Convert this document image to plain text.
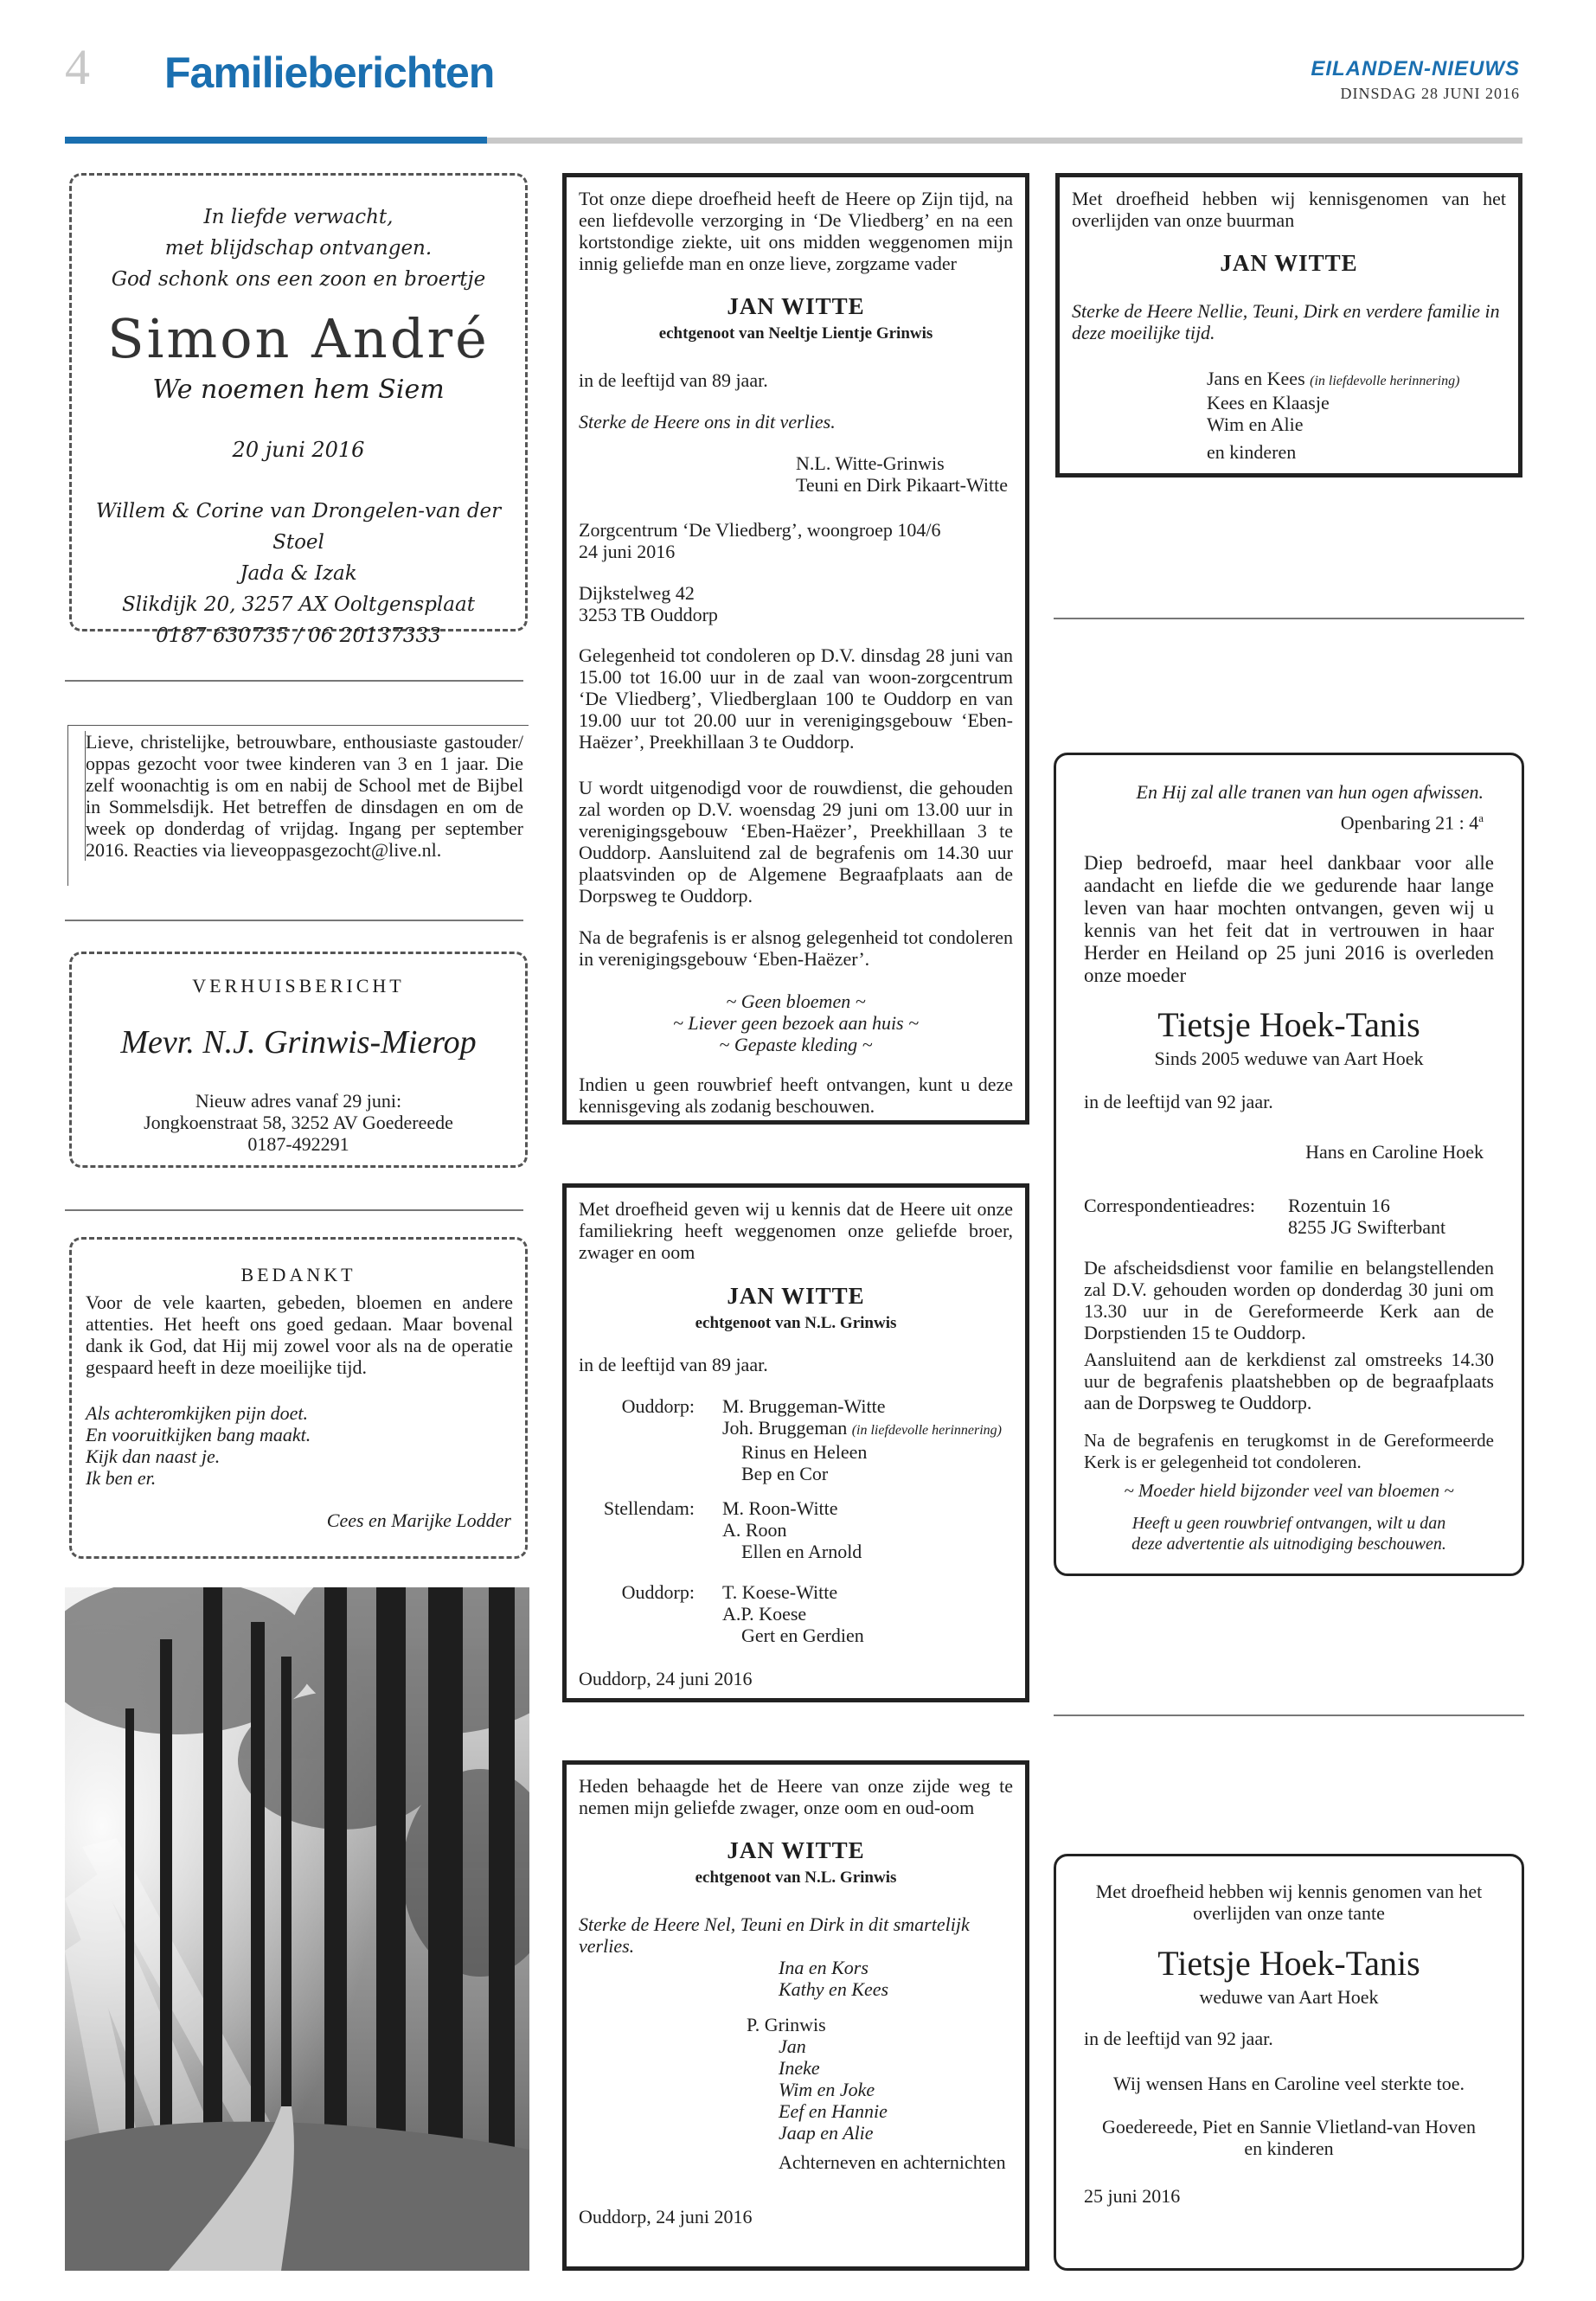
4 Familieberichten	EILANDEN-NIEUWS
DINSDAG 28 JUNI 2016
In liefde verwacht,
met blijdschap ontvangen.
God schonk ons een zoon en broertje
Simon André
We noemen hem Siem
20 juni 2016
Willem & Corine van Drongelen-van der Stoel
Jada & Izak
Slikdijk 20, 3257 AX Ooltgensplaat
0187 630735 / 06 20137333
Lieve, christelijke, betrouwbare, enthousiaste gastouder/ oppas gezocht voor twee kinderen van 3 en 1 jaar. Die zelf woonachtig is om en nabij de School met de Bijbel in Sommelsdijk. Het betreffen de dinsdagen en om de week op donderdag of vrijdag. Ingang per september 2016. Reacties via lieveoppasgezocht@live.nl.
VERHUISBERICHT
Mevr. N.J. Grinwis-Mierop
Nieuw adres vanaf 29 juni:
Jongkoenstraat 58, 3252 AV Goedereede
0187-492291
BEDANKT
Voor de vele kaarten, gebeden, bloemen en andere attenties. Het heeft ons goed gedaan. Maar bovenal dank ik God, dat Hij mij zowel voor als na de operatie gespaard heeft in deze moeilijke tijd.
Als achteromkijken pijn doet.
En vooruitkijken bang maakt.
Kijk dan naast je.
Ik ben er.
Cees en Marijke Lodder
Tot onze diepe droefheid heeft de Heere op Zijn tijd, na een liefdevolle verzorging in ‘De Vliedberg’ en na een kortstondige ziekte, uit ons midden weggenomen mijn innig geliefde man en onze lieve, zorgzame vader
JAN WITTE
echtgenoot van Neeltje Lientje Grinwis
in de leeftijd van 89 jaar.
Sterke de Heere ons in dit verlies.
N.L. Witte-Grinwis
Teuni en Dirk Pikaart-Witte
Zorgcentrum ‘De Vliedberg’, woongroep 104/6
24 juni 2016
Dijkstelweg 42
3253 TB Ouddorp
Gelegenheid tot condoleren op D.V. dinsdag 28 juni van 15.00 tot 16.00 uur in de zaal van woon-zorgcentrum ‘De Vliedberg’, Vliedberglaan 100 te Ouddorp en van 19.00 uur tot 20.00 uur in verenigingsgebouw ‘Eben-Haëzer’, Preekhillaan 3 te Ouddorp.
U wordt uitgenodigd voor de rouwdienst, die gehouden zal worden op D.V. woensdag 29 juni om 13.00 uur in verenigingsgebouw ‘Eben-Haëzer’, Preekhillaan 3 te Ouddorp. Aansluitend zal de begrafenis om 14.30 uur plaatsvinden op de Algemene Begraafplaats aan de Dorpsweg te Ouddorp.
Na de begrafenis is er alsnog gelegenheid tot condoleren in verenigingsgebouw ‘Eben-Haëzer’.
~ Geen bloemen ~
~ Liever geen bezoek aan huis ~
~ Gepaste kleding ~
Indien u geen rouwbrief heeft ontvangen, kunt u deze kennisgeving als zodanig beschouwen.
Met droefheid geven wij u kennis dat de Heere uit onze familiekring heeft weggenomen onze geliefde broer, zwager en oom
JAN WITTE
echtgenoot van N.L. Grinwis
in de leeftijd van 89 jaar.
Ouddorp: M. Bruggeman-Witte
Joh. Bruggeman (in liefdevolle herinnering)
Rinus en Heleen
Bep en Cor
Stellendam: M. Roon-Witte
A. Roon
Ellen en Arnold
Ouddorp: T. Koese-Witte
A.P. Koese
Gert en Gerdien
Ouddorp, 24 juni 2016
Heden behaagde het de Heere van onze zijde weg te nemen mijn geliefde zwager, onze oom en oud-oom
JAN WITTE
echtgenoot van N.L. Grinwis
Sterke de Heere Nel, Teuni en Dirk in dit smartelijk verlies.
Ina en Kors
Kathy en Kees
P. Grinwis
Jan
Ineke
Wim en Joke
Eef en Hannie
Jaap en Alie
Achterneven en achternichten
Ouddorp, 24 juni 2016
Met droefheid hebben wij kennisgenomen van het overlijden van onze buurman
JAN WITTE
Sterke de Heere Nellie, Teuni, Dirk en verdere familie in deze moeilijke tijd.
Jans en Kees (in liefdevolle herinnering)
Kees en Klaasje
Wim en Alie
en kinderen
En Hij zal alle tranen van hun ogen afwissen.
Openbaring 21 : 4$^a$
Diep bedroefd, maar heel dankbaar voor alle aandacht en liefde die we gedurende haar lange leven van haar mochten ontvangen, geven wij u kennis van het feit dat in vertrouwen in haar Herder en Heiland op 25 juni 2016 is overleden onze moeder
Tietsje Hoek-Tanis
Sinds 2005 weduwe van Aart Hoek
in de leeftijd van 92 jaar.
Hans en Caroline Hoek
Correspondentieadres: Rozentuin 16
8255 JG Swifterbant
De afscheidsdienst voor familie en belangstellenden zal D.V. gehouden worden op donderdag 30 juni om 13.30 uur in de Gereformeerde Kerk aan de Dorpstienden 15 te Ouddorp.
Aansluitend aan de kerkdienst zal omstreeks 14.30 uur de begrafenis plaatshebben op de begraafplaats aan de Dorpsweg te Ouddorp.
Na de begrafenis en terugkomst in de Gereformeerde Kerk is er gelegenheid tot condoleren.
~ Moeder hield bijzonder veel van bloemen ~
Heeft u geen rouwbrief ontvangen, wilt u dan deze advertentie als uitnodiging beschouwen.
Met droefheid hebben wij kennis genomen van het overlijden van onze tante
Tietsje Hoek-Tanis
weduwe van Aart Hoek
in de leeftijd van 92 jaar.
Wij wensen Hans en Caroline veel sterkte toe.
Goedereede, Piet en Sannie Vlietland-van Hoven
en kinderen
25 juni 2016
